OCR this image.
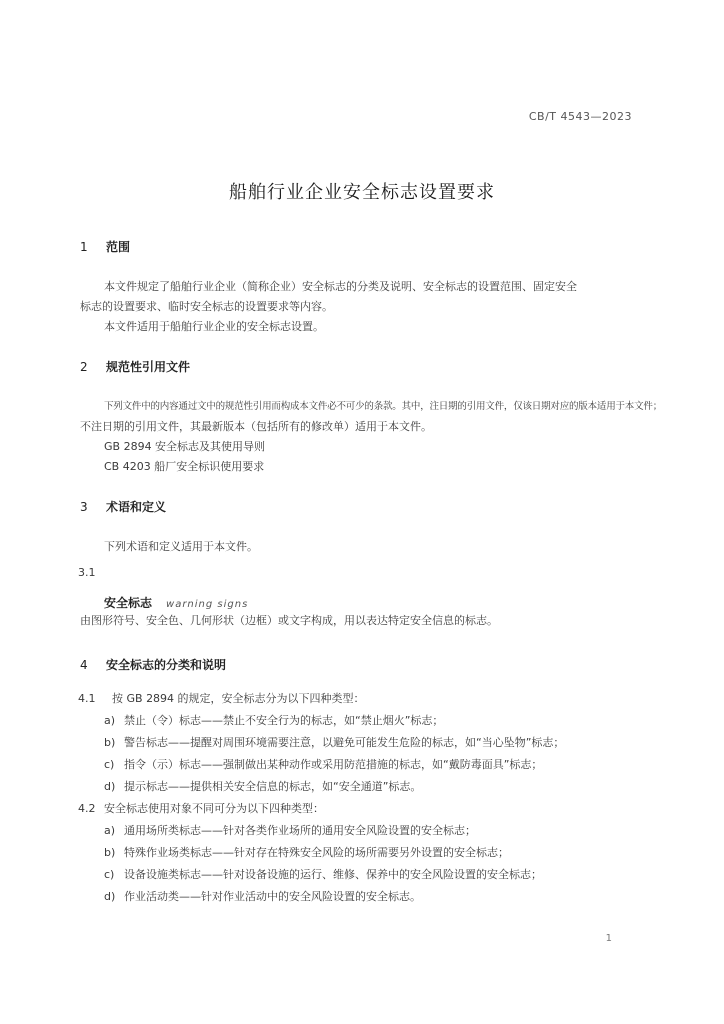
CB/T 4543—2023
船舶行业企业安全标志设置要求
1 范围
本文件规定了船舶行业企业（简称企业）安全标志的分类及说明、安全标志的设置范围、固定安全
标志的设置要求、临时安全标志的设置要求等内容。
本文件适用于船舶行业企业的安全标志设置。
2 规范性引用文件
下列文件中的内容通过文中的规范性引用而构成本文件必不可少的条款。其中，注日期的引用文件，仅该日期对应的版本适用于本文件；
不注日期的引用文件，其最新版本（包括所有的修改单）适用于本文件。
GB 2894 安全标志及其使用导则
CB 4203 船厂安全标识使用要求
3 术语和定义
下列术语和定义适用于本文件。
3.1
安全标志 warning signs
由图形符号、安全色、几何形状（边框）或文字构成，用以表达特定安全信息的标志。
4 安全标志的分类和说明
4.1 按 GB 2894 的规定，安全标志分为以下四种类型：
a) 禁止（令）标志——禁止不安全行为的标志，如“禁止烟火”标志；
b) 警告标志——提醒对周围环境需要注意，以避免可能发生危险的标志，如“当心坠物”标志；
c) 指令（示）标志——强制做出某种动作或采用防范措施的标志，如“戴防毒面具”标志；
d) 提示标志——提供相关安全信息的标志，如“安全通道”标志。
4.2 安全标志使用对象不同可分为以下四种类型：
a) 通用场所类标志——针对各类作业场所的通用安全风险设置的安全标志；
b) 特殊作业场类标志——针对存在特殊安全风险的场所需要另外设置的安全标志；
c) 设备设施类标志——针对设备设施的运行、维修、保养中的安全风险设置的安全标志；
d) 作业活动类——针对作业活动中的安全风险设置的安全标志。
1
